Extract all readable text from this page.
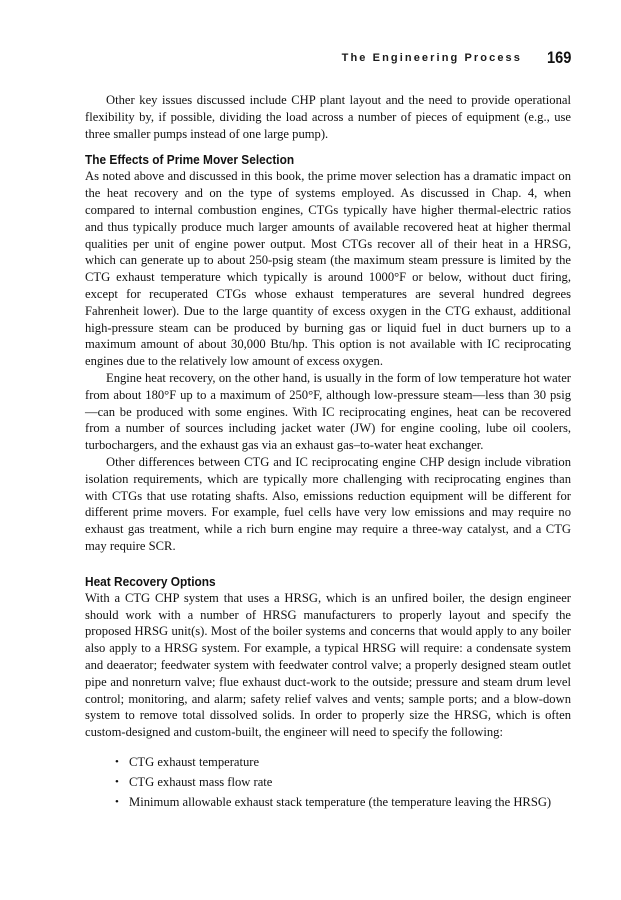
The Engineering Process 169

Other key issues discussed include CHP plant layout and the need to provide operational flexibility by, if possible, dividing the load across a number of pieces of equipment (e.g., use three smaller pumps instead of one large pump).

The Effects of Prime Mover Selection

As noted above and discussed in this book, the prime mover selection has a dramatic impact on the heat recovery and on the type of systems employed. As discussed in Chap. 4, when compared to internal combustion engines, CTGs typically have higher thermal-electric ratios and thus typically produce much larger amounts of available recovered heat at higher thermal qualities per unit of engine power output. Most CTGs recover all of their heat in a HRSG, which can generate up to about 250-psig steam (the maximum steam pressure is limited by the CTG exhaust temperature which typically is around 1000°F or below, without duct firing, except for recuperated CTGs whose exhaust temperatures are several hundred degrees Fahrenheit lower). Due to the large quantity of excess oxygen in the CTG exhaust, additional high-pressure steam can be produced by burning gas or liquid fuel in duct burners up to a maximum amount of about 30,000 Btu/hp. This option is not available with IC reciprocating engines due to the relatively low amount of excess oxygen.

Engine heat recovery, on the other hand, is usually in the form of low temperature hot water from about 180°F up to a maximum of 250°F, although low-pressure steam—less than 30 psig—can be produced with some engines. With IC reciprocating engines, heat can be recovered from a number of sources including jacket water (JW) for engine cooling, lube oil coolers, turbochargers, and the exhaust gas via an exhaust gas–to-water heat exchanger.

Other differences between CTG and IC reciprocating engine CHP design include vibration isolation requirements, which are typically more challenging with reciprocating engines than with CTGs that use rotating shafts. Also, emissions reduction equipment will be different for different prime movers. For example, fuel cells have very low emissions and may require no exhaust gas treatment, while a rich burn engine may require a three-way catalyst, and a CTG may require SCR.

Heat Recovery Options

With a CTG CHP system that uses a HRSG, which is an unfired boiler, the design engineer should work with a number of HRSG manufacturers to properly layout and specify the proposed HRSG unit(s). Most of the boiler systems and concerns that would apply to any boiler also apply to a HRSG system. For example, a typical HRSG will require: a condensate system and deaerator; feedwater system with feedwater control valve; a properly designed steam outlet pipe and nonreturn valve; flue exhaust duct-work to the outside; pressure and steam drum level control; monitoring, and alarm; safety relief valves and vents; sample ports; and a blow-down system to remove total dissolved solids. In order to properly size the HRSG, which is often custom-designed and custom-built, the engineer will need to specify the following:

• CTG exhaust temperature
• CTG exhaust mass flow rate
• Minimum allowable exhaust stack temperature (the temperature leaving the HRSG)
